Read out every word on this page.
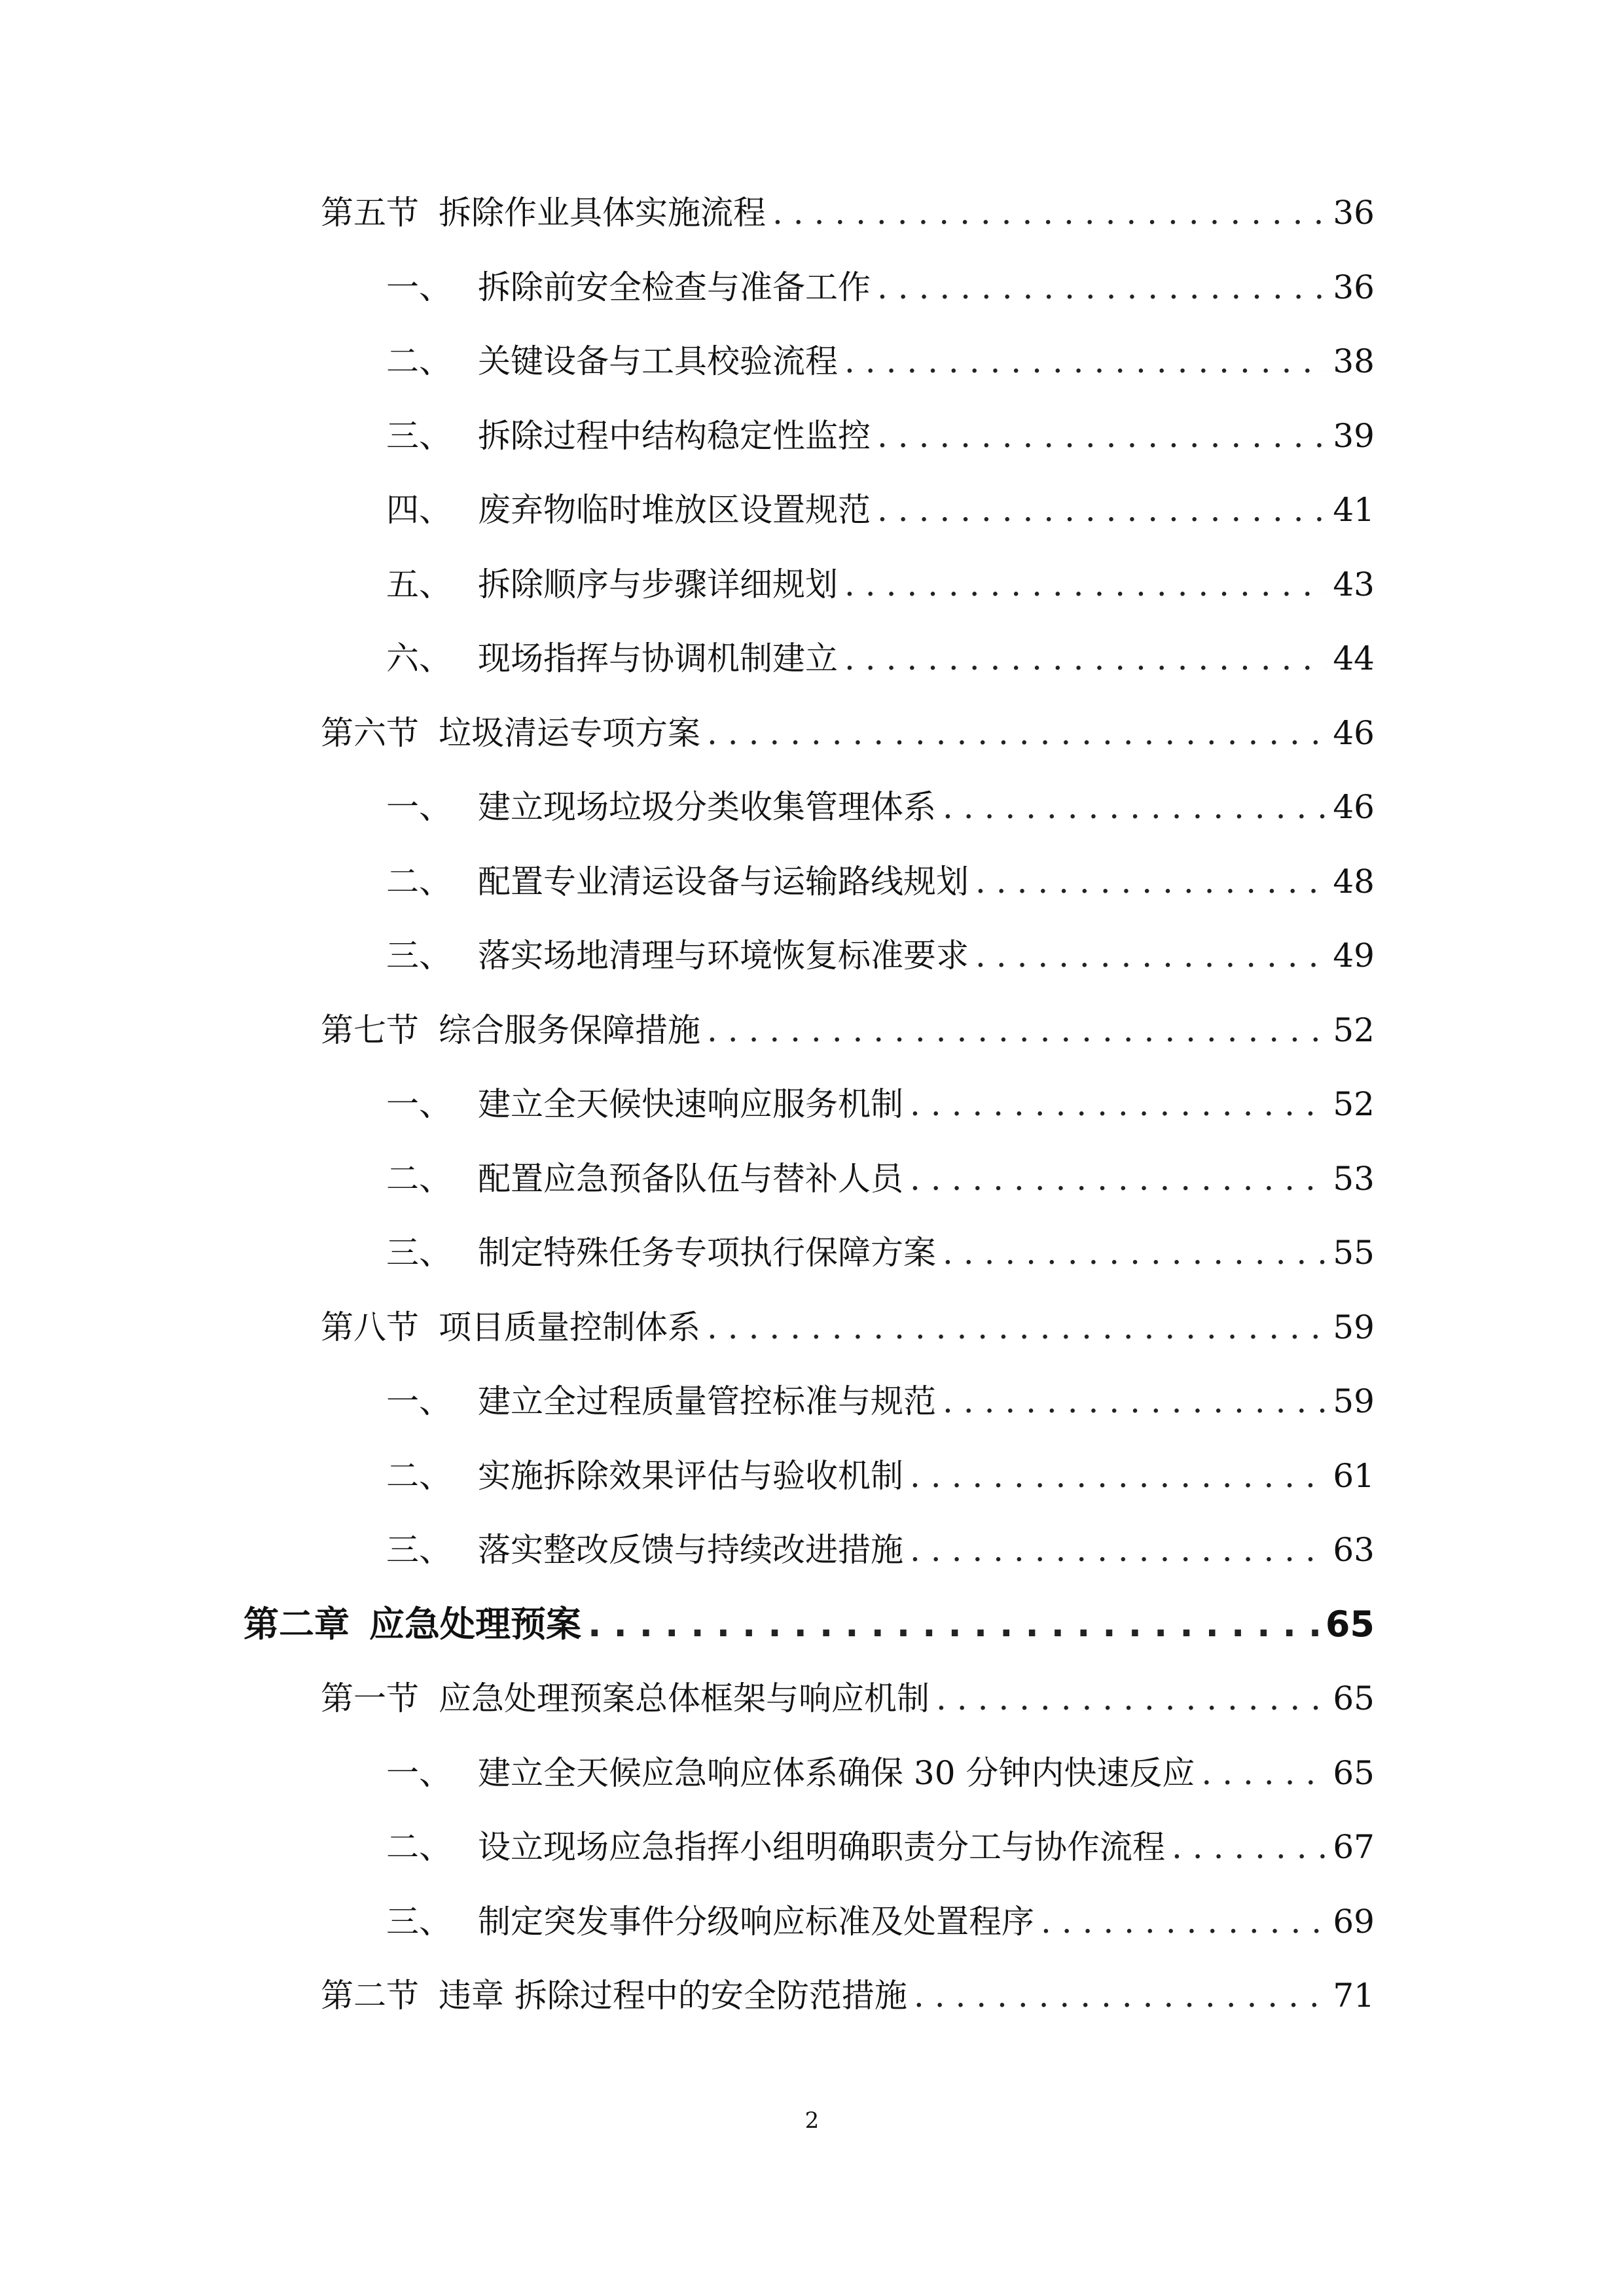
第五节 拆除作业具体实施流程 . . .	36
一、 拆除前安全检查与准备工作 . . .	36
二、 关键设备与工具校验流程 . . .	38
三、 拆除过程中结构稳定性监控 . . .	39
四、 废弃物临时堆放区设置规范 . . .	41
五、 拆除顺序与步骤详细规划 . . .	43
六、 现场指挥与协调机制建立 . . .	44
第六节 垃圾清运专项方案 . . .	46
一、 建立现场垃圾分类收集管理体系 . . .	46
二、 配置专业清运设备与运输路线规划 . . .	48
三、 落实场地清理与环境恢复标准要求 . . .	49
第七节 综合服务保障措施 . . .	52
一、 建立全天候快速响应服务机制 . . .	52
二、 配置应急预备队伍与替补人员 . . .	53
三、 制定特殊任务专项执行保障方案 . . .	55
第八节 项目质量控制体系 . . .	59
一、 建立全过程质量管控标准与规范 . . .	59
二、 实施拆除效果评估与验收机制 . . .	61
三、 落实整改反馈与持续改进措施 . . .	63
第二章 应急处理预案 . . .	65
第一节 应急处理预案总体框架与响应机制 . . .	65
一、 建立全天候应急响应体系确保 30 分钟内快速反应 . . .	65
二、 设立现场应急指挥小组明确职责分工与协作流程 . . .	67
三、 制定突发事件分级响应标准及处置程序 . . .	69
第二节 违章 拆除过程中的安全防范措施 . . .	71
2
